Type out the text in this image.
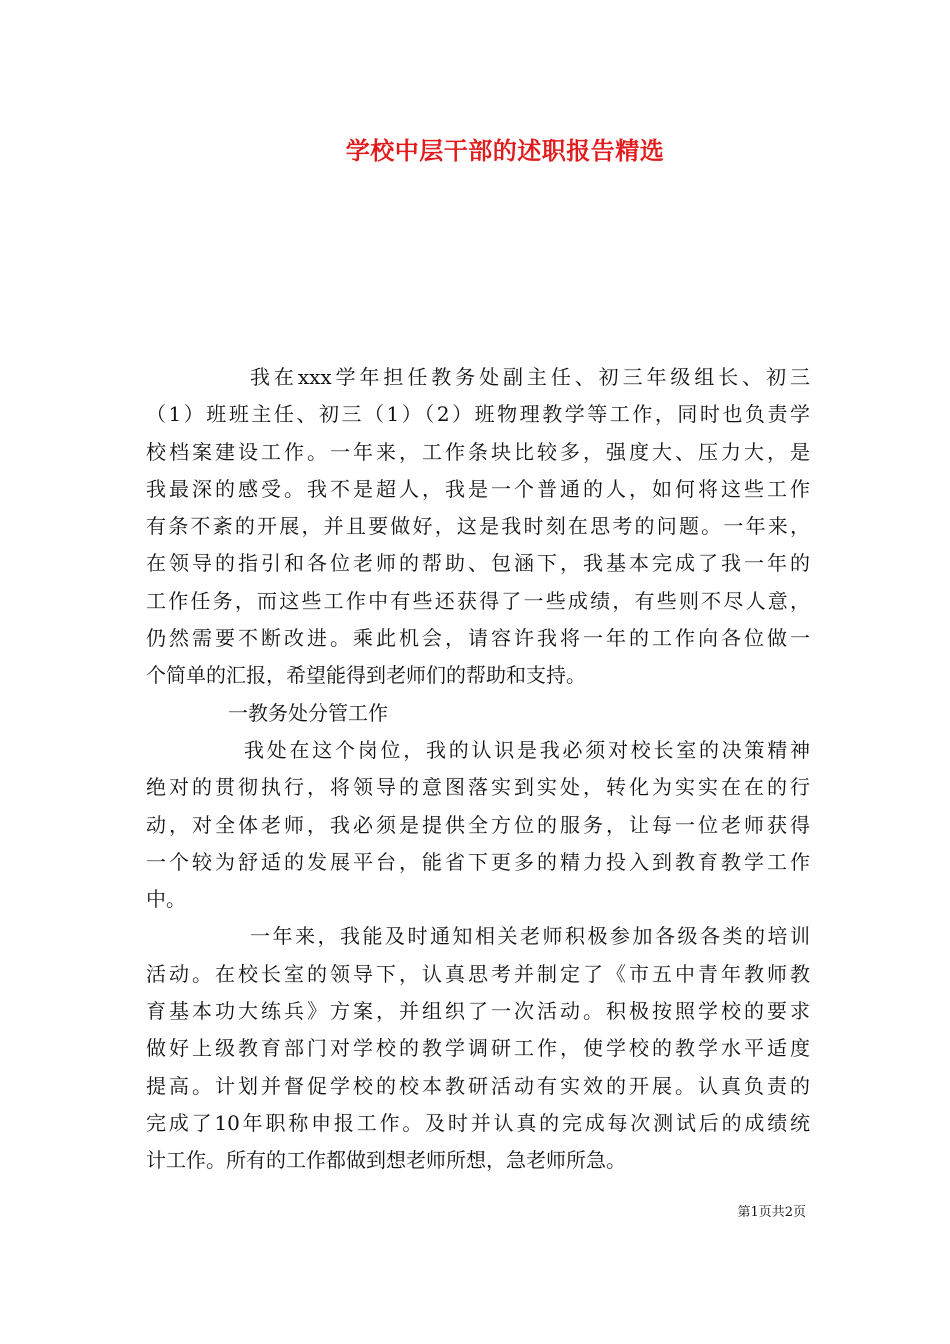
学校中层干部的述职报告精选
我在xxx学年担任教务处副主任、初三年级组长、初三
（1）班班主任、初三（1）（2）班物理教学等工作，同时也负责学
校档案建设工作。一年来，工作条块比较多，强度大、压力大，是
我最深的感受。我不是超人，我是一个普通的人，如何将这些工作
有条不紊的开展，并且要做好，这是我时刻在思考的问题。一年来，
在领导的指引和各位老师的帮助、包涵下，我基本完成了我一年的
工作任务，而这些工作中有些还获得了一些成绩，有些则不尽人意，
仍然需要不断改进。乘此机会，请容许我将一年的工作向各位做一
个简单的汇报，希望能得到老师们的帮助和支持。
一教务处分管工作
我处在这个岗位，我的认识是我必须对校长室的决策精神
绝对的贯彻执行，将领导的意图落实到实处，转化为实实在在的行
动，对全体老师，我必须是提供全方位的服务，让每一位老师获得
一个较为舒适的发展平台，能省下更多的精力投入到教育教学工作
中。
一年来，我能及时通知相关老师积极参加各级各类的培训
活动。在校长室的领导下，认真思考并制定了《市五中青年教师教
育基本功大练兵》方案，并组织了一次活动。积极按照学校的要求
做好上级教育部门对学校的教学调研工作，使学校的教学水平适度
提高。计划并督促学校的校本教研活动有实效的开展。认真负责的
完成了10年职称申报工作。及时并认真的完成每次测试后的成绩统
计工作。所有的工作都做到想老师所想，急老师所急。
第1页共2页
